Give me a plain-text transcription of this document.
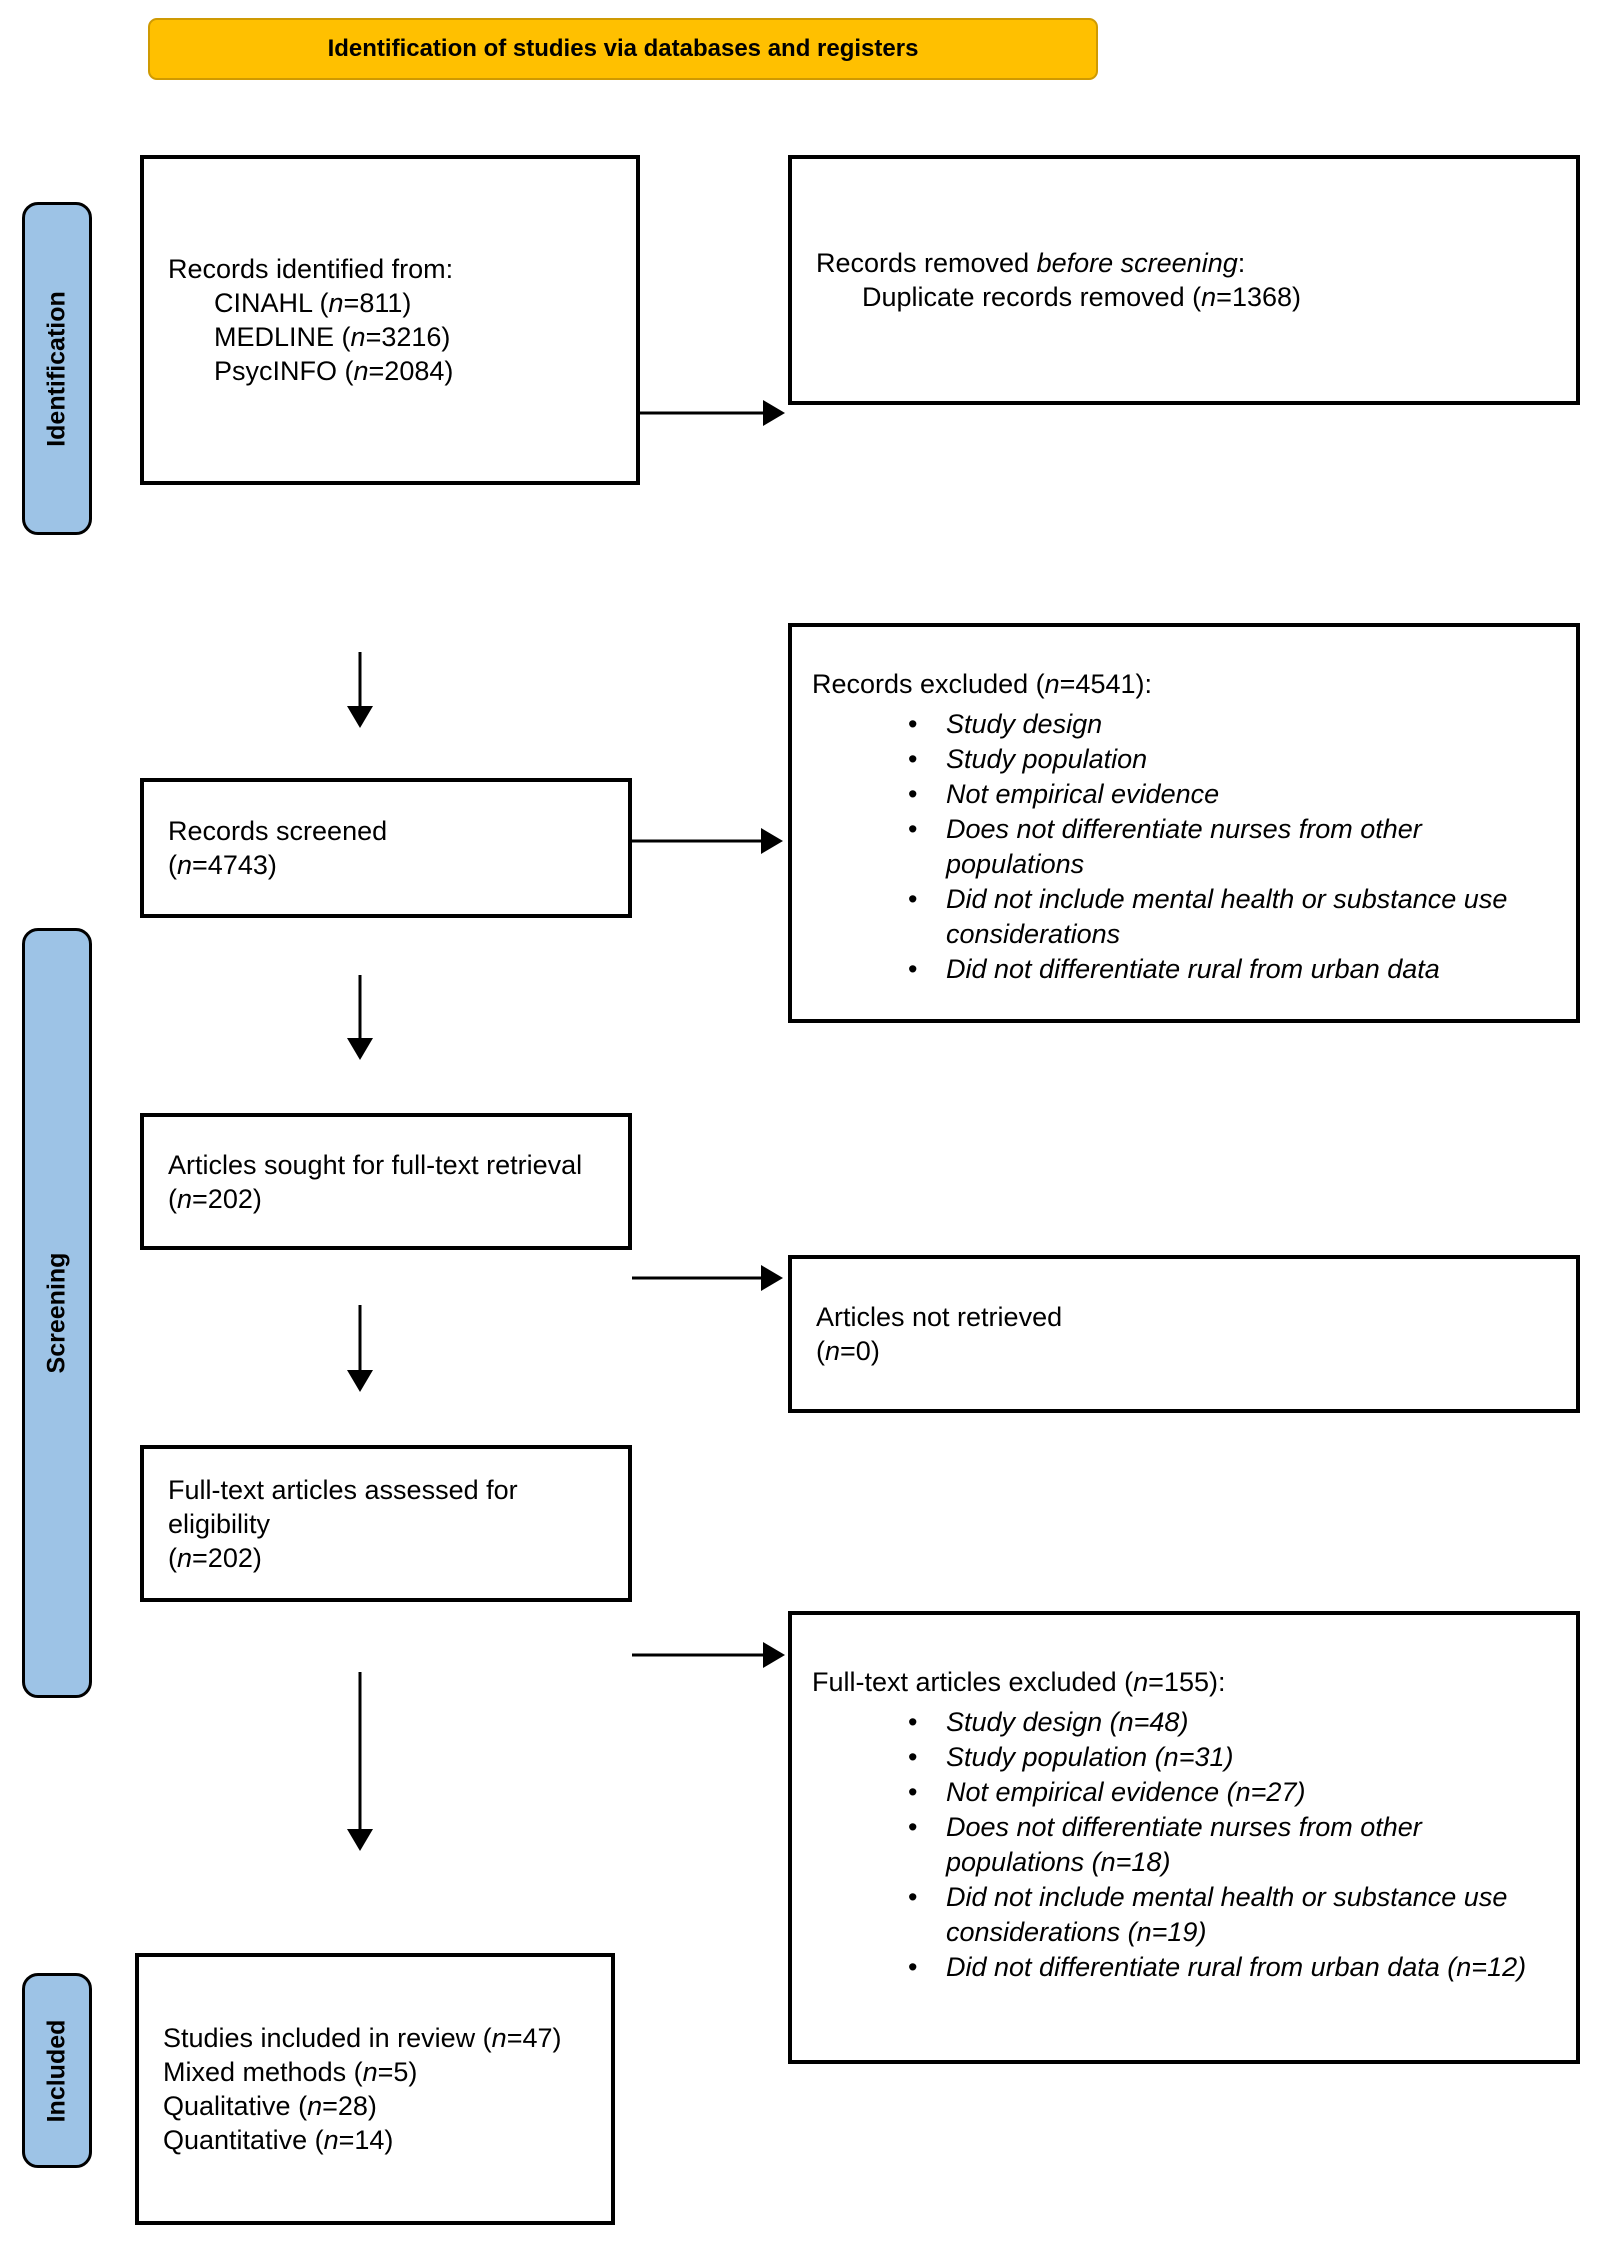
Identification of studies via databases and registers
Identification
Screening
Included
Records identified from:
CINAHL (n=811)
MEDLINE (n=3216)
PsycINFO (n=2084)
Records removed before screening:
Duplicate records removed (n=1368)
Records excluded (n=4541):
• Study design
• Study population
• Not empirical evidence
• Does not differentiate nurses from other populations
• Did not include mental health or substance use considerations
• Did not differentiate rural from urban data
Records screened
(n=4743)
Articles sought for full-text retrieval
(n=202)
Articles not retrieved
(n=0)
Full-text articles assessed for eligibility
(n=202)
Full-text articles excluded (n=155):
• Study design (n=48)
• Study population (n=31)
• Not empirical evidence (n=27)
• Does not differentiate nurses from other populations (n=18)
• Did not include mental health or substance use considerations (n=19)
• Did not differentiate rural from urban data (n=12)
Studies included in review (n=47)
Mixed methods (n=5)
Qualitative (n=28)
Quantitative (n=14)
